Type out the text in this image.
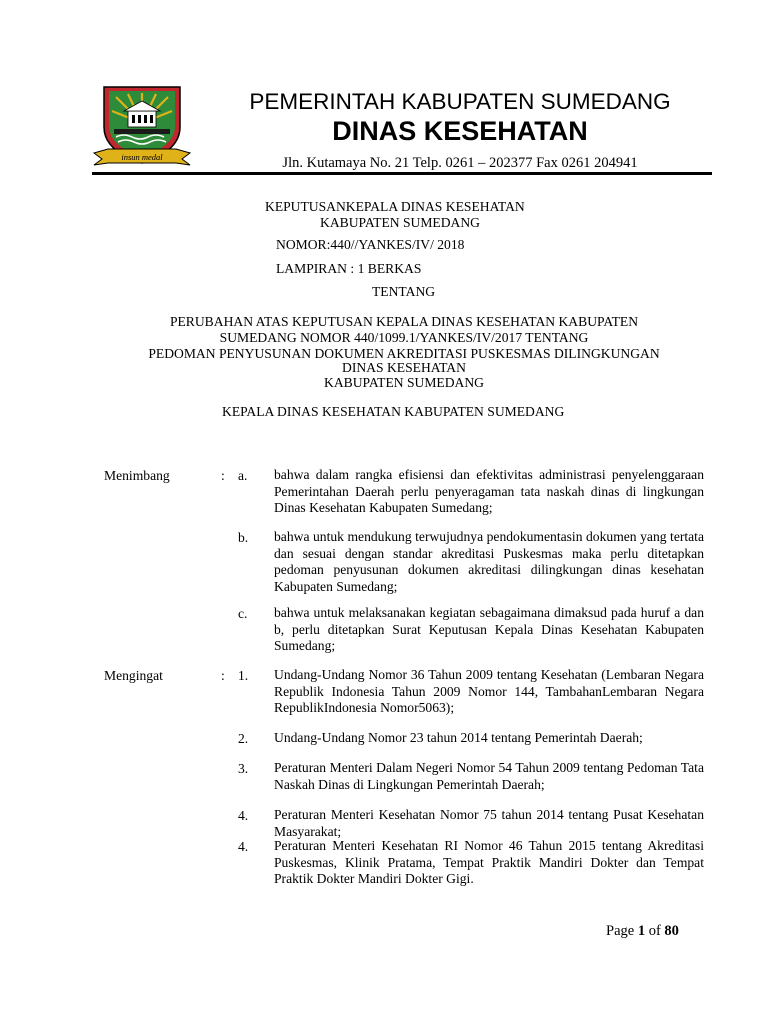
insun medal
PEMERINTAH KABUPATEN SUMEDANG
DINAS KESEHATAN
Jln. Kutamaya No. 21 Telp. 0261 – 202377 Fax 0261 204941
KEPUTUSANKEPALA DINAS KESEHATAN
KABUPATEN SUMEDANG
NOMOR:440//YANKES/IV/ 2018
LAMPIRAN : 1 BERKAS
TENTANG
PERUBAHAN ATAS KEPUTUSAN KEPALA DINAS KESEHATAN KABUPATEN
SUMEDANG NOMOR 440/1099.1/YANKES/IV/2017 TENTANG
PEDOMAN PENYUSUNAN DOKUMEN AKREDITASI PUSKESMAS DILINGKUNGAN
DINAS KESEHATAN
KABUPATEN SUMEDANG
KEPALA DINAS KESEHATAN KABUPATEN SUMEDANG
Menimbang	: a. bahwa dalam rangka efisiensi dan efektivitas administrasi penyelenggaraan Pemerintahan Daerah perlu penyeragaman tata naskah dinas di lingkungan Dinas Kesehatan Kabupaten Sumedang;
b. bahwa untuk mendukung terwujudnya pendokumentasin dokumen yang tertata dan sesuai dengan standar akreditasi Puskesmas maka perlu ditetapkan pedoman penyusunan dokumen akreditasi dilingkungan dinas kesehatan Kabupaten Sumedang;
c. bahwa untuk melaksanakan kegiatan sebagaimana dimaksud pada huruf a dan b, perlu ditetapkan Surat Keputusan Kepala Dinas Kesehatan Kabupaten Sumedang;
Mengingat	: 1. Undang-Undang Nomor 36 Tahun 2009 tentang Kesehatan (Lembaran Negara Republik Indonesia Tahun 2009 Nomor 144, TambahanLembaran Negara RepublikIndonesia Nomor5063);
2. Undang-Undang Nomor 23 tahun 2014 tentang Pemerintah Daerah;
3. Peraturan Menteri Dalam Negeri Nomor 54 Tahun 2009 tentang Pedoman Tata Naskah Dinas di Lingkungan Pemerintah Daerah;
4. Peraturan Menteri Kesehatan Nomor 75 tahun 2014 tentang Pusat Kesehatan Masyarakat;
4. Peraturan Menteri Kesehatan RI Nomor 46 Tahun 2015 tentang Akreditasi Puskesmas, Klinik Pratama, Tempat Praktik Mandiri Dokter dan Tempat Praktik Dokter Mandiri Dokter Gigi.
Page 1 of 80
